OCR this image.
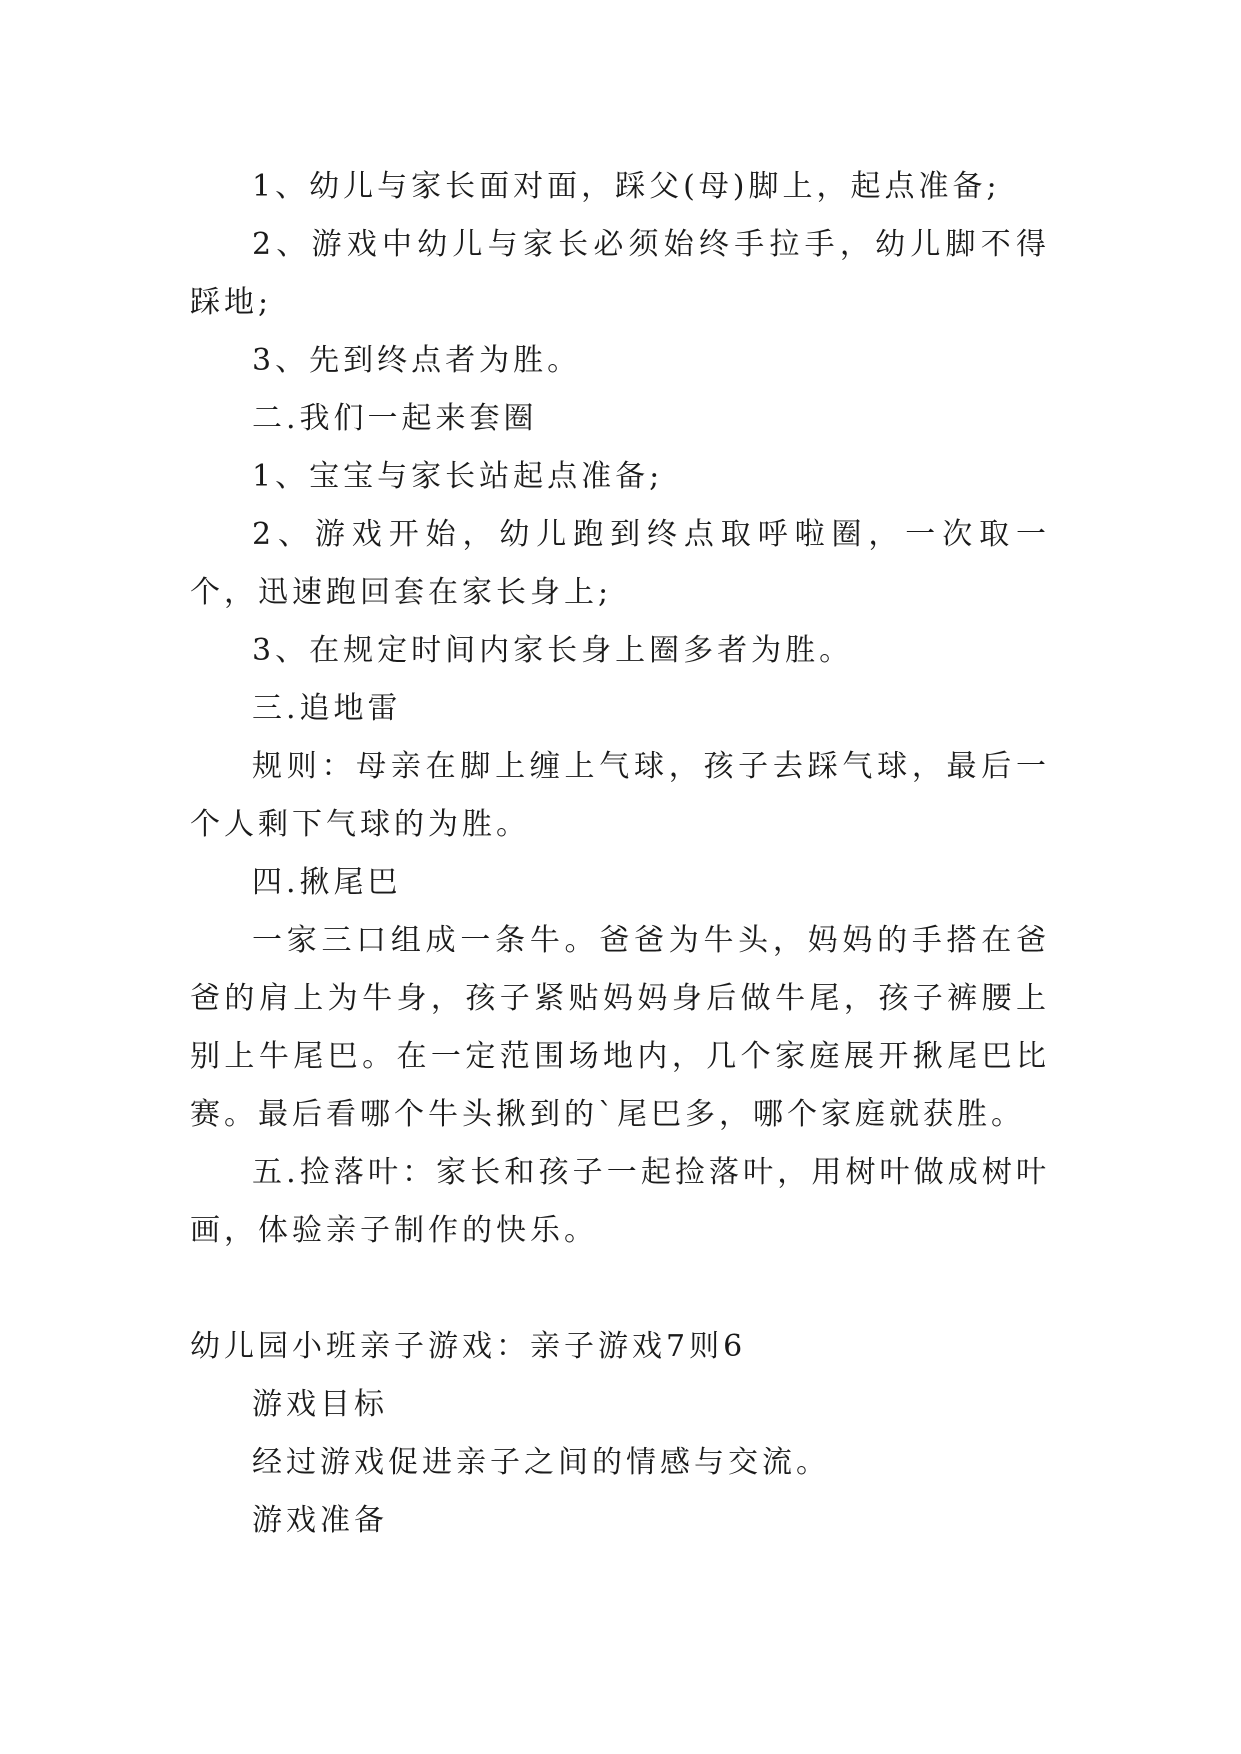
1、幼儿与家长面对面，踩父(母)脚上，起点准备;

2、游戏中幼儿与家长必须始终手拉手，幼儿脚不得踩地;

3、先到终点者为胜。

二.我们一起来套圈

1、宝宝与家长站起点准备;

2、游戏开始，幼儿跑到终点取呼啦圈，一次取一个，迅速跑回套在家长身上;

3、在规定时间内家长身上圈多者为胜。

三.追地雷

规则：母亲在脚上缠上气球，孩子去踩气球，最后一个人剩下气球的为胜。

四.揪尾巴

一家三口组成一条牛。爸爸为牛头，妈妈的手搭在爸爸的肩上为牛身，孩子紧贴妈妈身后做牛尾，孩子裤腰上别上牛尾巴。在一定范围场地内，几个家庭展开揪尾巴比赛。最后看哪个牛头揪到的`尾巴多，哪个家庭就获胜。

五.捡落叶：家长和孩子一起捡落叶，用树叶做成树叶画，体验亲子制作的快乐。

幼儿园小班亲子游戏：亲子游戏7则6

游戏目标

经过游戏促进亲子之间的情感与交流。

游戏准备
